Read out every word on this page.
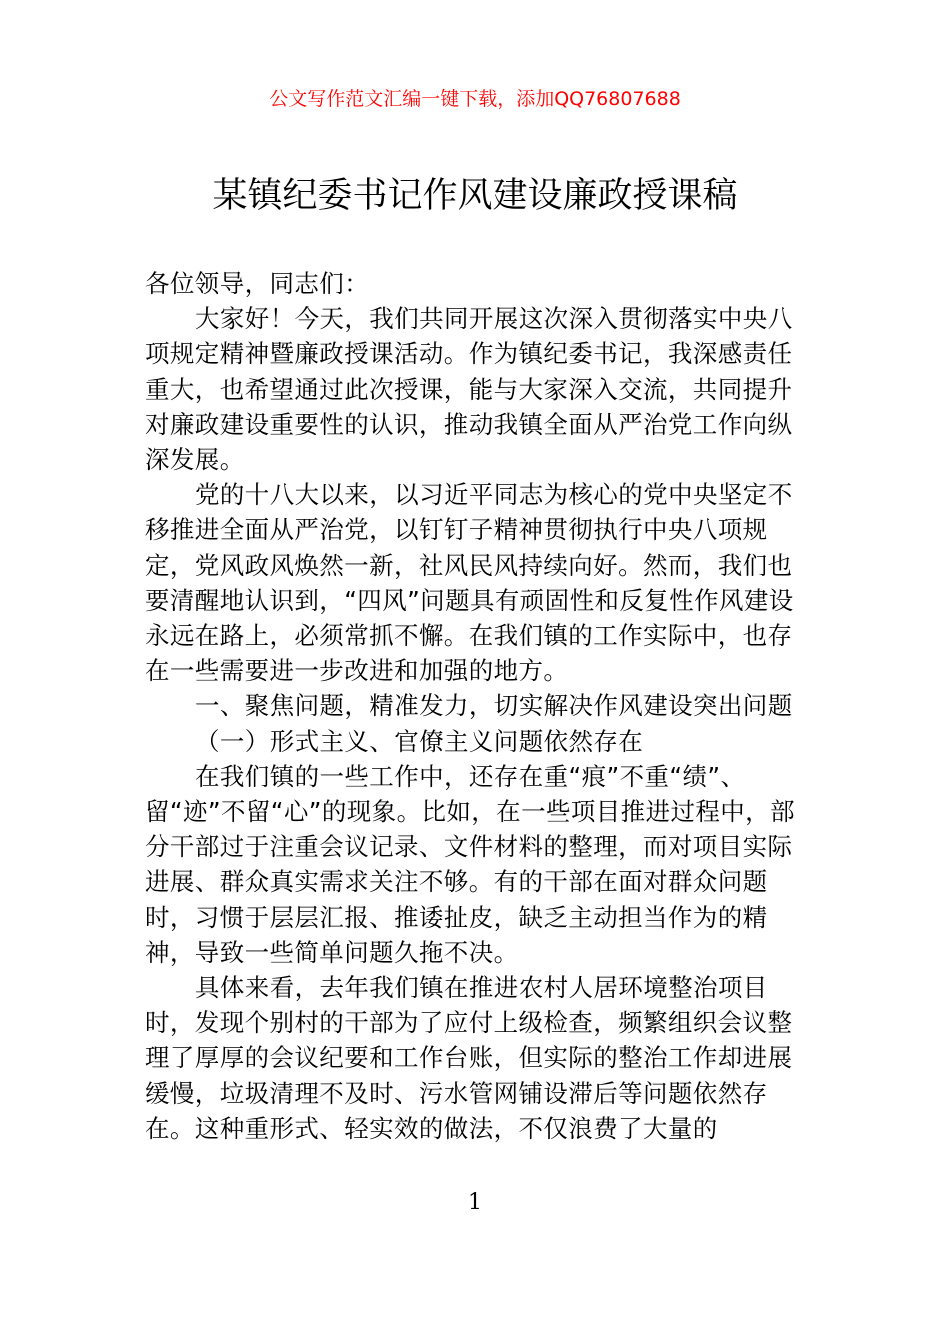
公文写作范文汇编一键下载，添加QQ76807688
某镇纪委书记作风建设廉政授课稿

各位领导，同志们：

大家好！今天，我们共同开展这次深入贯彻落实中央八项规定精神暨廉政授课活动。作为镇纪委书记，我深感责任重大，也希望通过此次授课，能与大家深入交流，共同提升对廉政建设重要性的认识，推动我镇全面从严治党工作向纵深发展。

党的十八大以来，以习近平同志为核心的党中央坚定不移推进全面从严治党，以钉钉子精神贯彻执行中央八项规定，党风政风焕然一新，社风民风持续向好。然而，我们也要清醒地认识到，“四风”问题具有顽固性和反复性作风建设永远在路上，必须常抓不懈。在我们镇的工作实际中，也存在一些需要进一步改进和加强的地方。

一、聚焦问题，精准发力，切实解决作风建设突出问题

（一）形式主义、官僚主义问题依然存在

在我们镇的一些工作中，还存在重“痕”不重“绩”、留“迹”不留“心”的现象。比如，在一些项目推进过程中，部分干部过于注重会议记录、文件材料的整理，而对项目实际进展、群众真实需求关注不够。有的干部在面对群众问题时，习惯于层层汇报、推诿扯皮，缺乏主动担当作为的精神，导致一些简单问题久拖不决。

具体来看，去年我们镇在推进农村人居环境整治项目时，发现个别村的干部为了应付上级检查，频繁组织会议整理了厚厚的会议纪要和工作台账，但实际的整治工作却进展缓慢，垃圾清理不及时、污水管网铺设滞后等问题依然存在。这种重形式、轻实效的做法，不仅浪费了大量的

1
